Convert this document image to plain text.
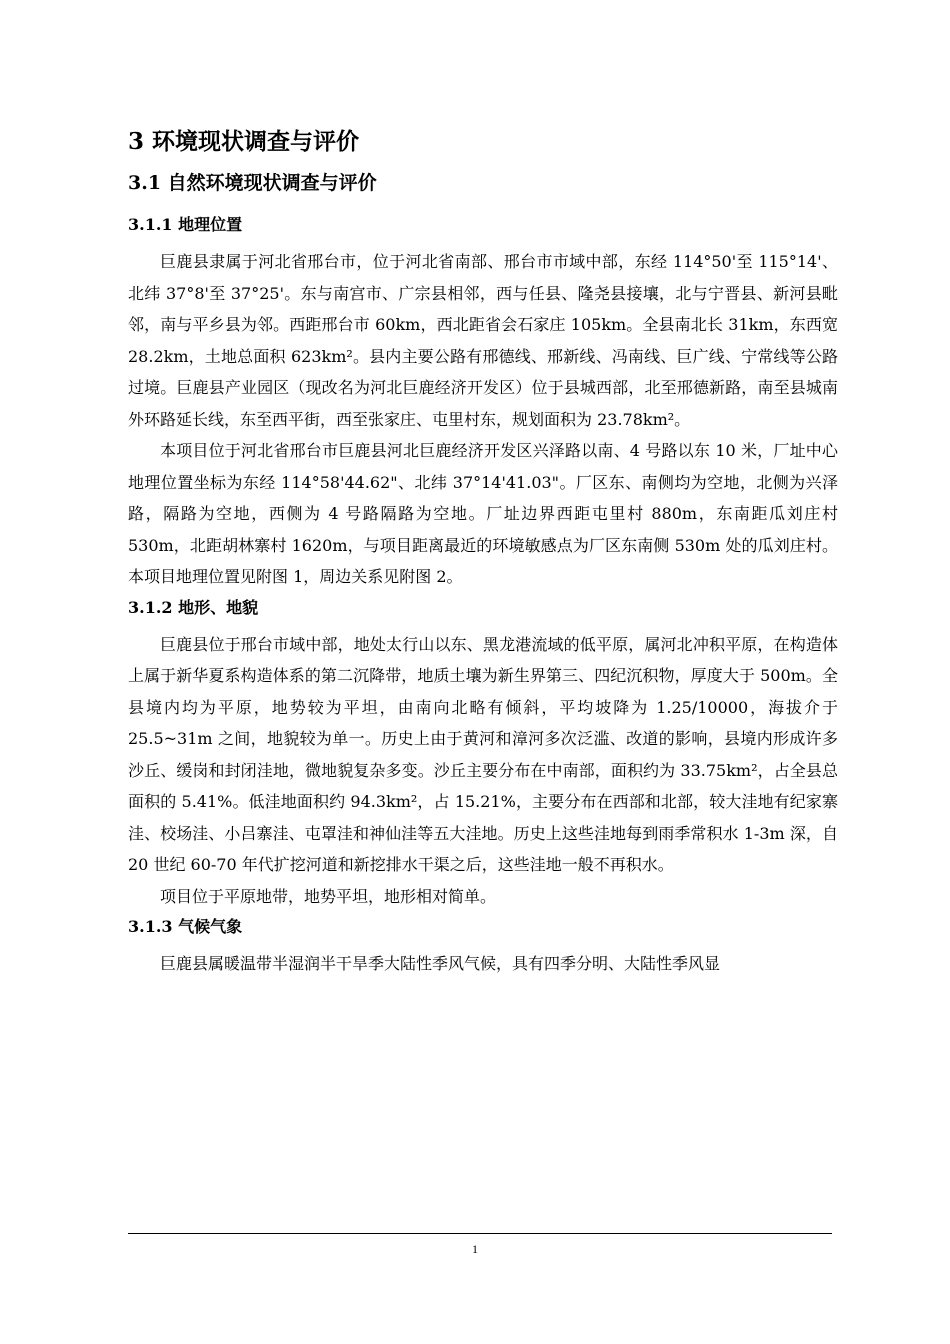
3 环境现状调查与评价
3.1 自然环境现状调查与评价
3.1.1 地理位置

巨鹿县隶属于河北省邢台市，位于河北省南部、邢台市市域中部，东经 114°50'至 115°14'、北纬 37°8'至 37°25'。东与南宫市、广宗县相邻，西与任县、隆尧县接壤，北与宁晋县、新河县毗邻，南与平乡县为邻。西距邢台市 60km，西北距省会石家庄 105km。全县南北长 31km，东西宽 28.2km，土地总面积 623km²。县内主要公路有邢德线、邢新线、冯南线、巨广线、宁常线等公路过境。巨鹿县产业园区（现改名为河北巨鹿经济开发区）位于县城西部，北至邢德新路，南至县城南外环路延长线，东至西平街，西至张家庄、屯里村东，规划面积为 23.78km²。

本项目位于河北省邢台市巨鹿县河北巨鹿经济开发区兴泽路以南、4 号路以东 10 米，厂址中心地理位置坐标为东经 114°58'44.62"、北纬 37°14'41.03"。厂区东、南侧均为空地，北侧为兴泽路，隔路为空地，西侧为 4 号路隔路为空地。厂址边界西距屯里村 880m，东南距瓜刘庄村 530m，北距胡林寨村 1620m，与项目距离最近的环境敏感点为厂区东南侧 530m 处的瓜刘庄村。本项目地理位置见附图 1，周边关系见附图 2。

3.1.2 地形、地貌

巨鹿县位于邢台市域中部，地处太行山以东、黑龙港流域的低平原，属河北冲积平原，在构造体上属于新华夏系构造体系的第二沉降带，地质土壤为新生界第三、四纪沉积物，厚度大于 500m。全县境内均为平原，地势较为平坦，由南向北略有倾斜，平均坡降为 1.25/10000，海拔介于 25.5~31m 之间，地貌较为单一。历史上由于黄河和漳河多次泛滥、改道的影响，县境内形成许多沙丘、缓岗和封闭洼地，微地貌复杂多变。沙丘主要分布在中南部，面积约为 33.75km²，占全县总面积的 5.41%。低洼地面积约 94.3km²，占 15.21%，主要分布在西部和北部，较大洼地有纪家寨洼、校场洼、小吕寨洼、屯罩洼和神仙洼等五大洼地。历史上这些洼地每到雨季常积水 1-3m 深，自 20 世纪 60-70 年代扩挖河道和新挖排水干渠之后，这些洼地一般不再积水。

项目位于平原地带，地势平坦，地形相对简单。

3.1.3 气候气象

巨鹿县属暖温带半湿润半干旱季大陆性季风气候，具有四季分明、大陆性季风显

1
